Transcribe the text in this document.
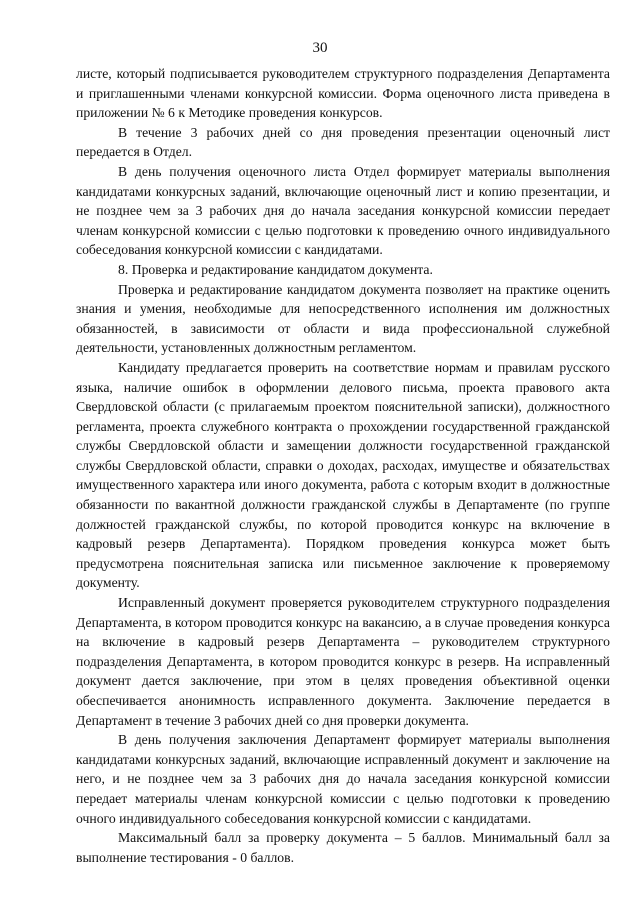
30

листе, который подписывается руководителем структурного подразделения Департамента и приглашенными членами конкурсной комиссии. Форма оценочного листа приведена в приложении № 6 к Методике проведения конкурсов.

В течение 3 рабочих дней со дня проведения презентации оценочный лист передается в Отдел.

В день получения оценочного листа Отдел формирует материалы выполнения кандидатами конкурсных заданий, включающие оценочный лист и копию презентации, и не позднее чем за 3 рабочих дня до начала заседания конкурсной комиссии передает членам конкурсной комиссии с целью подготовки к проведению очного индивидуального собеседования конкурсной комиссии с кандидатами.

8. Проверка и редактирование кандидатом документа.

Проверка и редактирование кандидатом документа позволяет на практике оценить знания и умения, необходимые для непосредственного исполнения им должностных обязанностей, в зависимости от области и вида профессиональной служебной деятельности, установленных должностным регламентом.

Кандидату предлагается проверить на соответствие нормам и правилам русского языка, наличие ошибок в оформлении делового письма, проекта правового акта Свердловской области (с прилагаемым проектом пояснительной записки), должностного регламента, проекта служебного контракта о прохождении государственной гражданской службы Свердловской области и замещении должности государственной гражданской службы Свердловской области, справки о доходах, расходах, имуществе и обязательствах имущественного характера или иного документа, работа с которым входит в должностные обязанности по вакантной должности гражданской службы в Департаменте (по группе должностей гражданской службы, по которой проводится конкурс на включение в кадровый резерв Департамента). Порядком проведения конкурса может быть предусмотрена пояснительная записка или письменное заключение к проверяемому документу.

Исправленный документ проверяется руководителем структурного подразделения Департамента, в котором проводится конкурс на вакансию, а в случае проведения конкурса на включение в кадровый резерв Департамента – руководителем структурного подразделения Департамента, в котором проводится конкурс в резерв. На исправленный документ дается заключение, при этом в целях проведения объективной оценки обеспечивается анонимность исправленного документа. Заключение передается в Департамент в течение 3 рабочих дней со дня проверки документа.

В день получения заключения Департамент формирует материалы выполнения кандидатами конкурсных заданий, включающие исправленный документ и заключение на него, и не позднее чем за 3 рабочих дня до начала заседания конкурсной комиссии передает материалы членам конкурсной комиссии с целью подготовки к проведению очного индивидуального собеседования конкурсной комиссии с кандидатами.

Максимальный балл за проверку документа – 5 баллов. Минимальный балл за выполнение тестирования - 0 баллов.
